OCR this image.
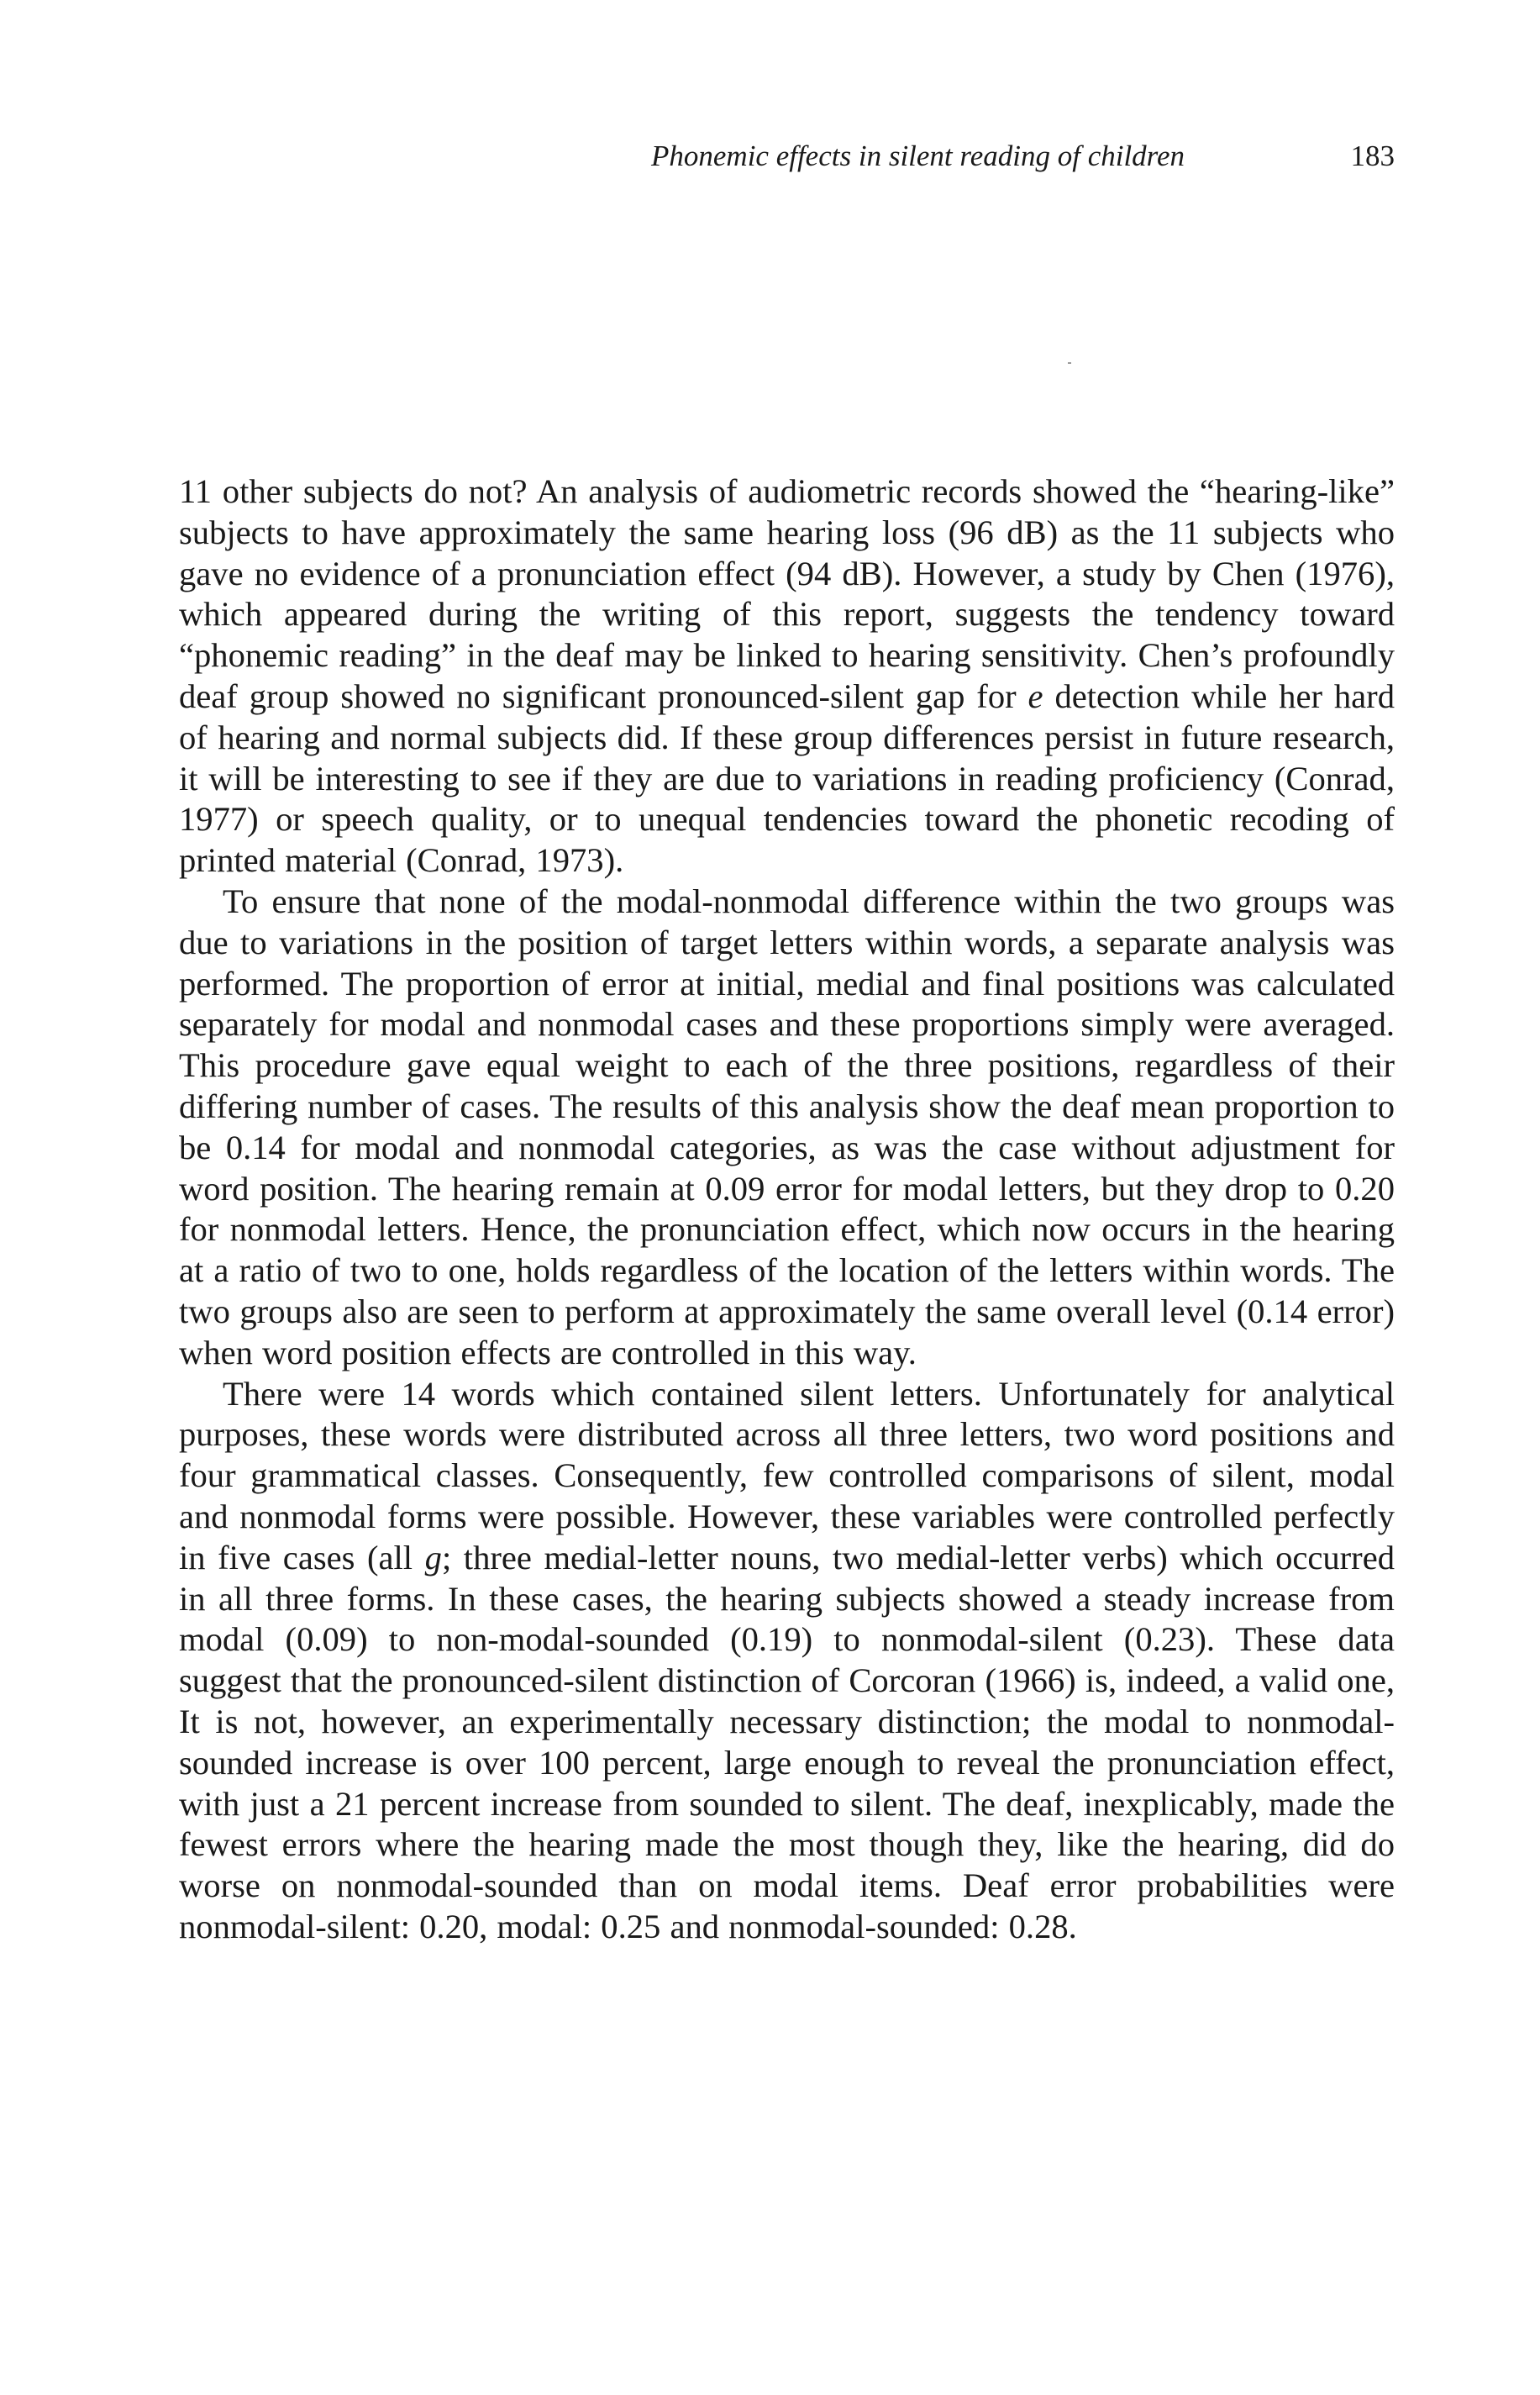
Phonemic effects in silent reading of children	183

11 other subjects do not? An analysis of audiometric records showed the “hearing-like” subjects to have approximately the same hearing loss (96 dB) as the 11 subjects who gave no evidence of a pronunciation effect (94 dB). However, a study by Chen (1976), which appeared during the writing of this report, suggests the tendency toward “phonemic reading” in the deaf may be linked to hearing sensitivity. Chen’s profoundly deaf group showed no significant pronounced-silent gap for e detection while her hard of hearing and normal subjects did. If these group differences persist in future research, it will be interesting to see if they are due to variations in reading proficiency (Conrad, 1977) or speech quality, or to unequal tendencies toward the phonetic recoding of printed material (Conrad, 1973).

To ensure that none of the modal-nonmodal difference within the two groups was due to variations in the position of target letters within words, a separate analysis was performed. The proportion of error at initial, medial and final positions was calculated separately for modal and nonmodal cases and these proportions simply were averaged. This procedure gave equal weight to each of the three positions, regardless of their differing number of cases. The results of this analysis show the deaf mean proportion to be 0.14 for modal and nonmodal categories, as was the case without adjustment for word position. The hearing remain at 0.09 error for modal letters, but they drop to 0.20 for nonmodal letters. Hence, the pronunciation effect, which now occurs in the hearing at a ratio of two to one, holds regardless of the location of the letters within words. The two groups also are seen to perform at approximately the same overall level (0.14 error) when word position effects are controlled in this way.

There were 14 words which contained silent letters. Unfortunately for analytical purposes, these words were distributed across all three letters, two word positions and four grammatical classes. Consequently, few controlled comparisons of silent, modal and nonmodal forms were possible. However, these variables were controlled perfectly in five cases (all g; three medial-letter nouns, two medial-letter verbs) which occurred in all three forms. In these cases, the hearing subjects showed a steady increase from modal (0.09) to non-modal-sounded (0.19) to nonmodal-silent (0.23). These data suggest that the pronounced-silent distinction of Corcoran (1966) is, indeed, a valid one, It is not, however, an experimentally necessary distinction; the modal to nonmodal-sounded increase is over 100 percent, large enough to reveal the pronunciation effect, with just a 21 percent increase from sounded to silent. The deaf, inexplicably, made the fewest errors where the hearing made the most though they, like the hearing, did do worse on nonmodal-sounded than on modal items. Deaf error probabilities were nonmodal-silent: 0.20, modal: 0.25 and nonmodal-sounded: 0.28.
